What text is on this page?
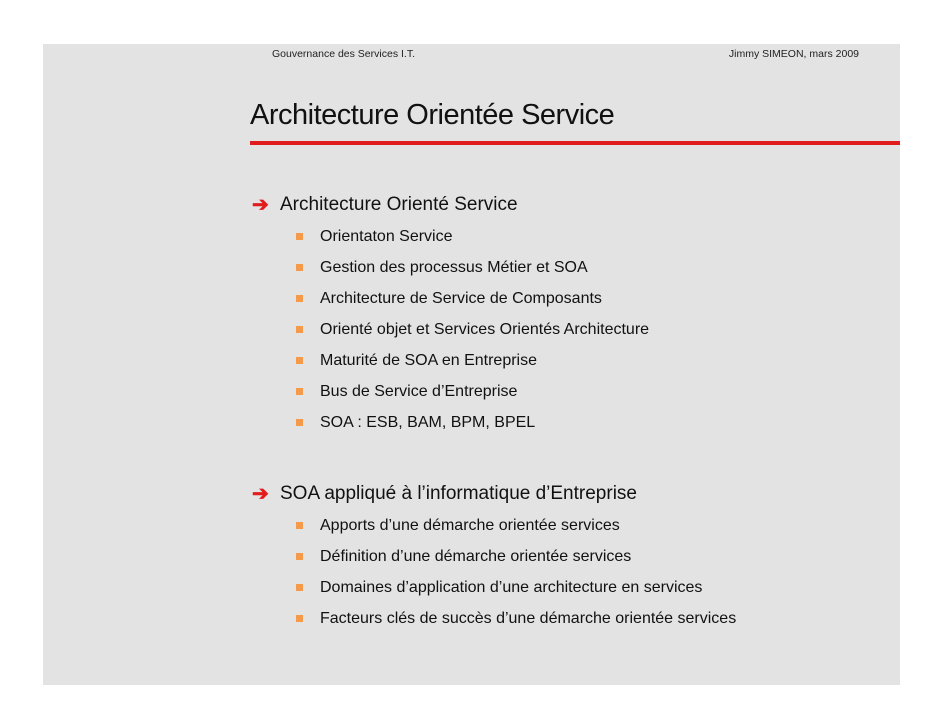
Gouvernance des Services I.T.	Jimmy SIMEON, mars 2009
Architecture Orientée Service
➔ Architecture Orienté Service
Orientaton Service
Gestion des processus Métier et SOA
Architecture de Service de Composants
Orienté objet et Services Orientés Architecture
Maturité de SOA en Entreprise
Bus de Service d’Entreprise
SOA : ESB, BAM, BPM, BPEL
➔ SOA appliqué à l’informatique d’Entreprise
Apports d’une démarche orientée services
Définition d’une démarche orientée services
Domaines d’application d’une architecture en services
Facteurs clés de succès d’une démarche orientée services
